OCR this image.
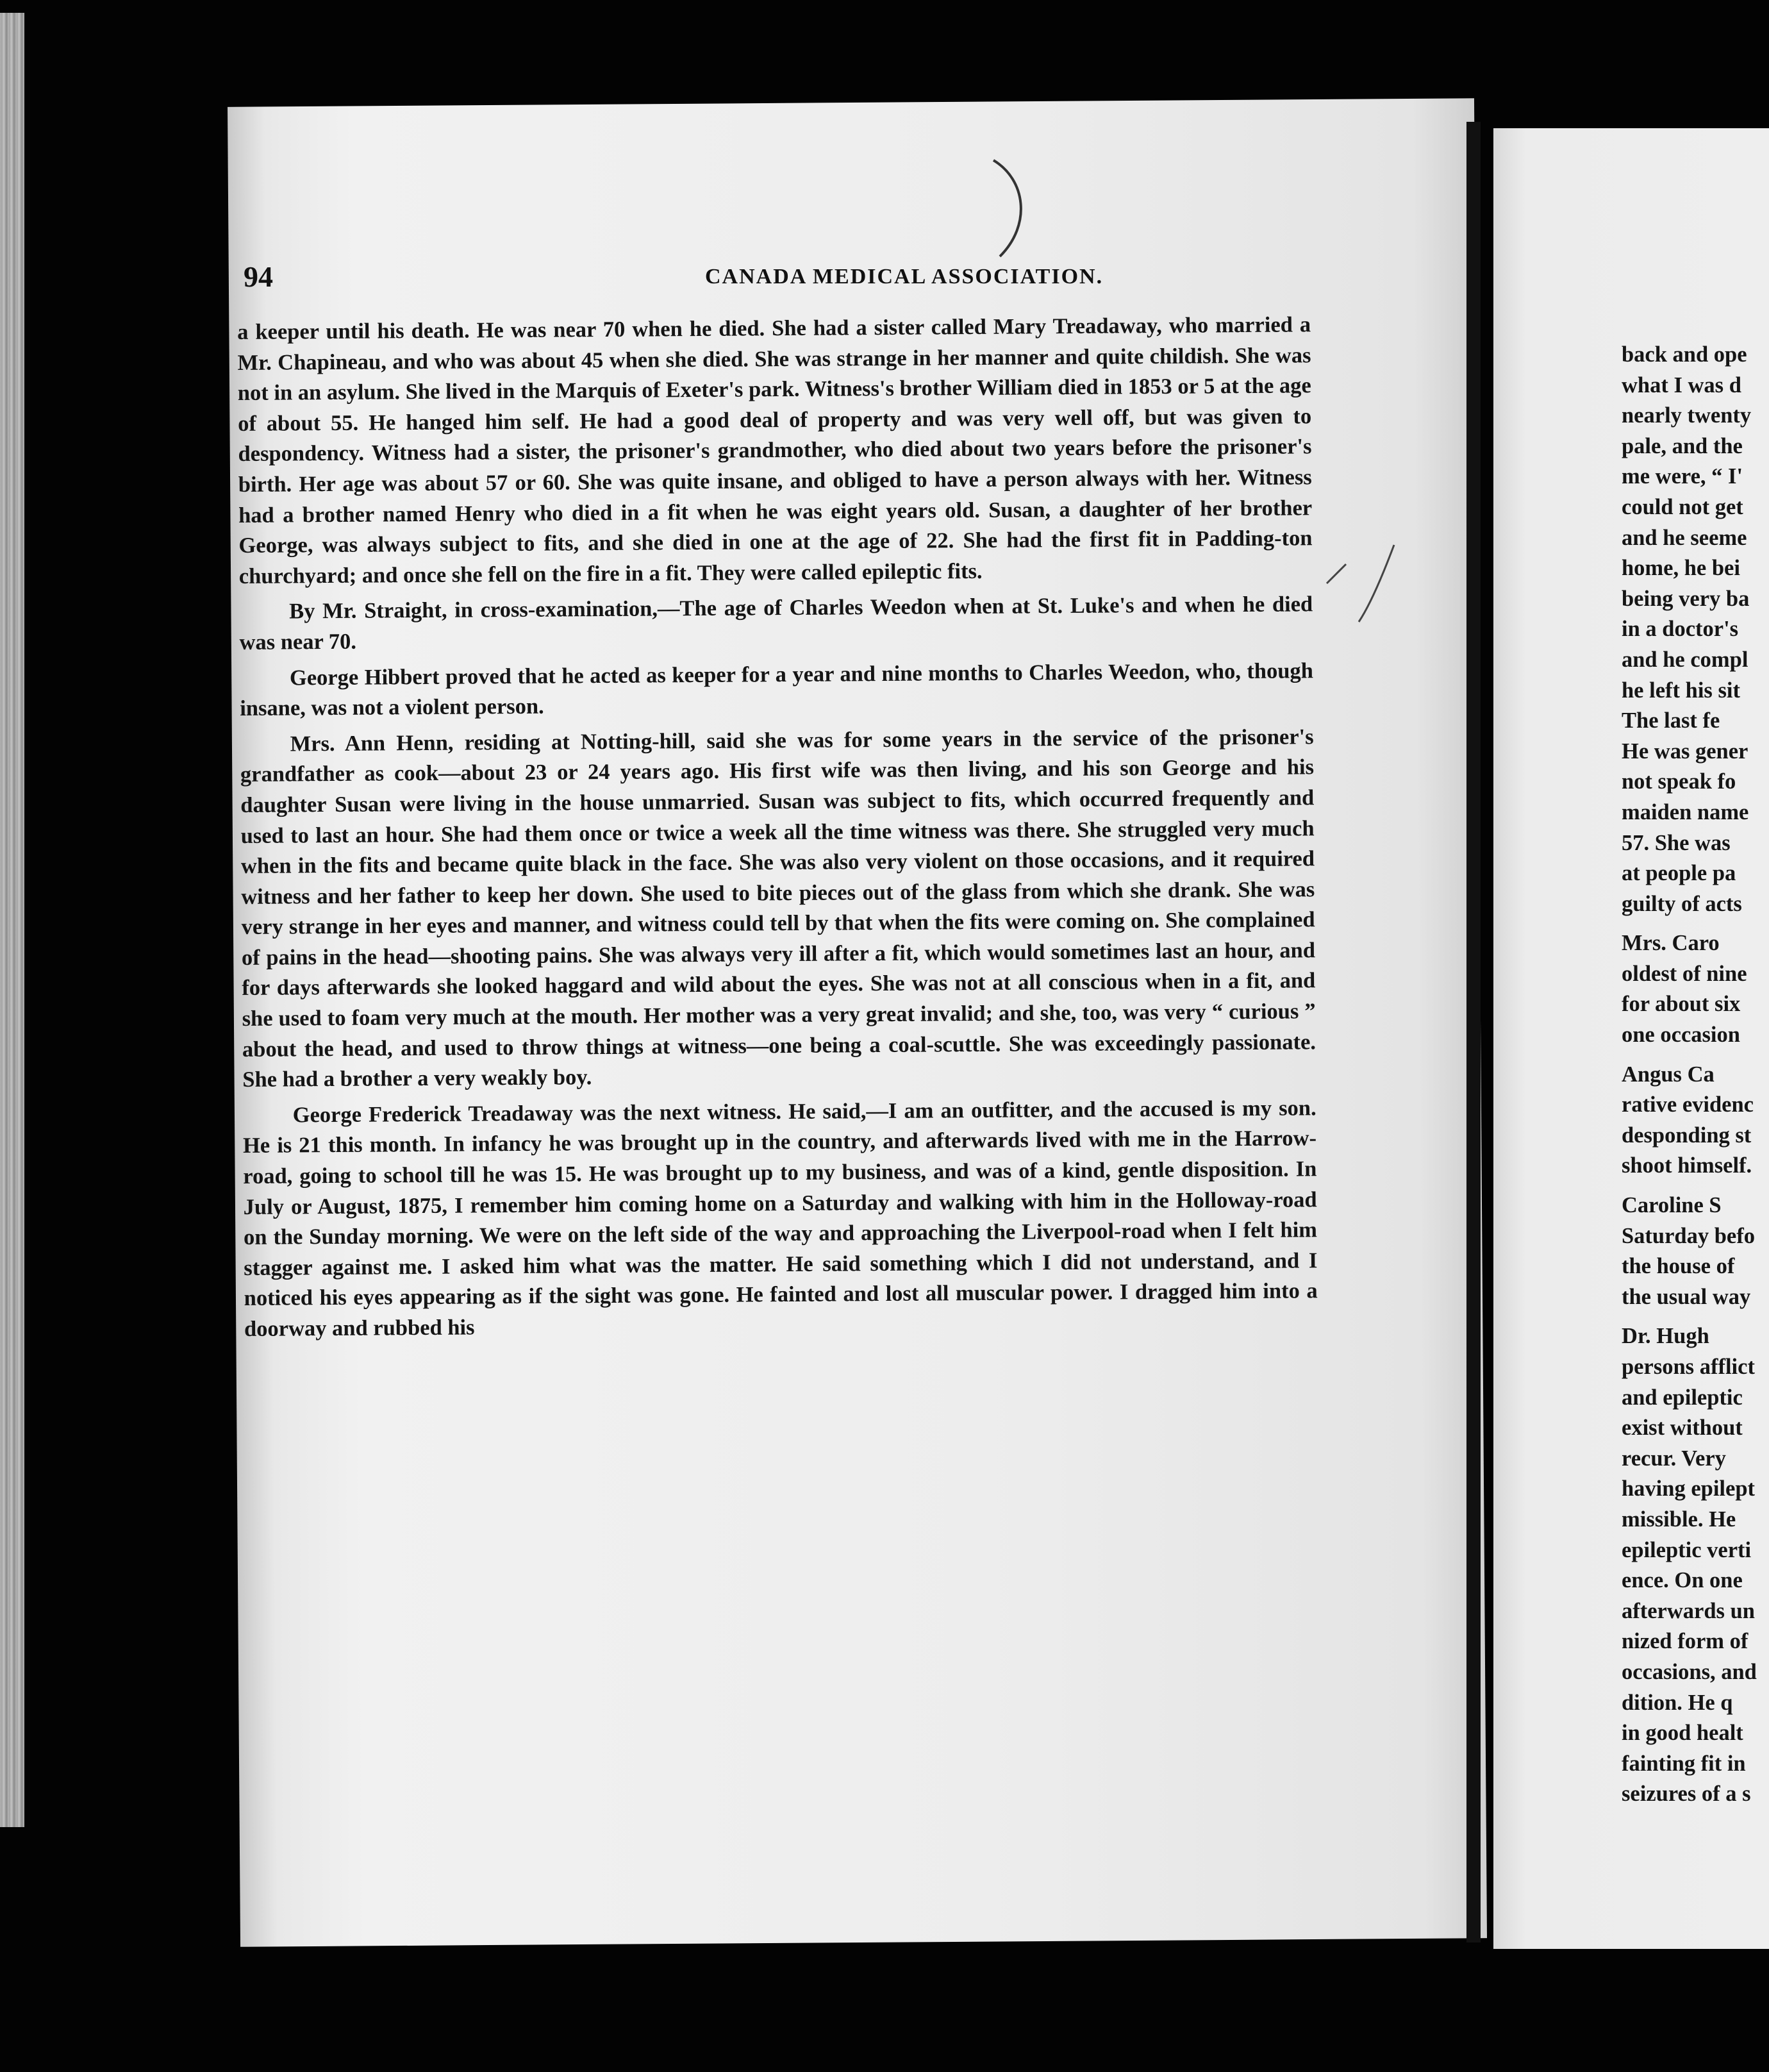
94	CANADA MEDICAL ASSOCIATION.

a keeper until his death. He was near 70 when he died. She had a sister called Mary Treadaway, who married a Mr. Chapineau, and who was about 45 when she died. She was strange in her manner and quite childish. She was not in an asylum. She lived in the Marquis of Exeter's park. Witness's brother William died in 1853 or 5 at the age of about 55. He hanged him self. He had a good deal of property and was very well off, but was given to despondency. Witness had a sister, the prisoner's grandmother, who died about two years before the prisoner's birth. Her age was about 57 or 60. She was quite insane, and obliged to have a person always with her. Witness had a brother named Henry who died in a fit when he was eight years old. Susan, a daughter of her brother George, was always subject to fits, and she died in one at the age of 22. She had the first fit in Padding-ton churchyard; and once she fell on the fire in a fit. They were called epileptic fits.

By Mr. Straight, in cross-examination,—The age of Charles Weedon when at St. Luke's and when he died was near 70.

George Hibbert proved that he acted as keeper for a year and nine months to Charles Weedon, who, though insane, was not a violent person.

Mrs. Ann Henn, residing at Notting-hill, said she was for some years in the service of the prisoner's grandfather as cook—about 23 or 24 years ago. His first wife was then living, and his son George and his daughter Susan were living in the house unmarried. Susan was subject to fits, which occurred frequently and used to last an hour. She had them once or twice a week all the time witness was there. She struggled very much when in the fits and became quite black in the face. She was also very violent on those occasions, and it required witness and her father to keep her down. She used to bite pieces out of the glass from which she drank. She was very strange in her eyes and manner, and witness could tell by that when the fits were coming on. She complained of pains in the head—shooting pains. She was always very ill after a fit, which would sometimes last an hour, and for days afterwards she looked haggard and wild about the eyes. She was not at all conscious when in a fit, and she used to foam very much at the mouth. Her mother was a very great invalid; and she, too, was very “ curious ” about the head, and used to throw things at witness—one being a coal-scuttle. She was exceedingly passionate. She had a brother a very weakly boy.

George Frederick Treadaway was the next witness. He said,—I am an outfitter, and the accused is my son. He is 21 this month. In infancy he was brought up in the country, and afterwards lived with me in the Harrow-road, going to school till he was 15. He was brought up to my business, and was of a kind, gentle disposition. In July or August, 1875, I remember him coming home on a Saturday and walking with him in the Holloway-road on the Sunday morning. We were on the left side of the way and approaching the Liverpool-road when I felt him stagger against me. I asked him what was the matter. He said something which I did not understand, and I noticed his eyes appearing as if the sight was gone. He fainted and lost all muscular power. I dragged him into a doorway and rubbed his

back and ope
what I was d
nearly twenty
pale, and the
me were, “ I'
could not get
and he seeme
home, he bei
being very ba
in a doctor's
and he compl
he left his sit
The last fe
He was gener
not speak fo
maiden name
57. She was
at people pa
guilty of acts
Mrs. Caro
oldest of nine
for about six
one occasion
Angus Ca
rative evidenc
desponding st
shoot himself.
Caroline S
Saturday befo
the house of
the usual way
Dr. Hugh
persons afflict
and epileptic
exist without
recur. Very
having epilept
missible. He
epileptic verti
ence. On one
afterwards un
nized form of
occasions, and
dition. He q
in good healt
fainting fit in
seizures of a s
